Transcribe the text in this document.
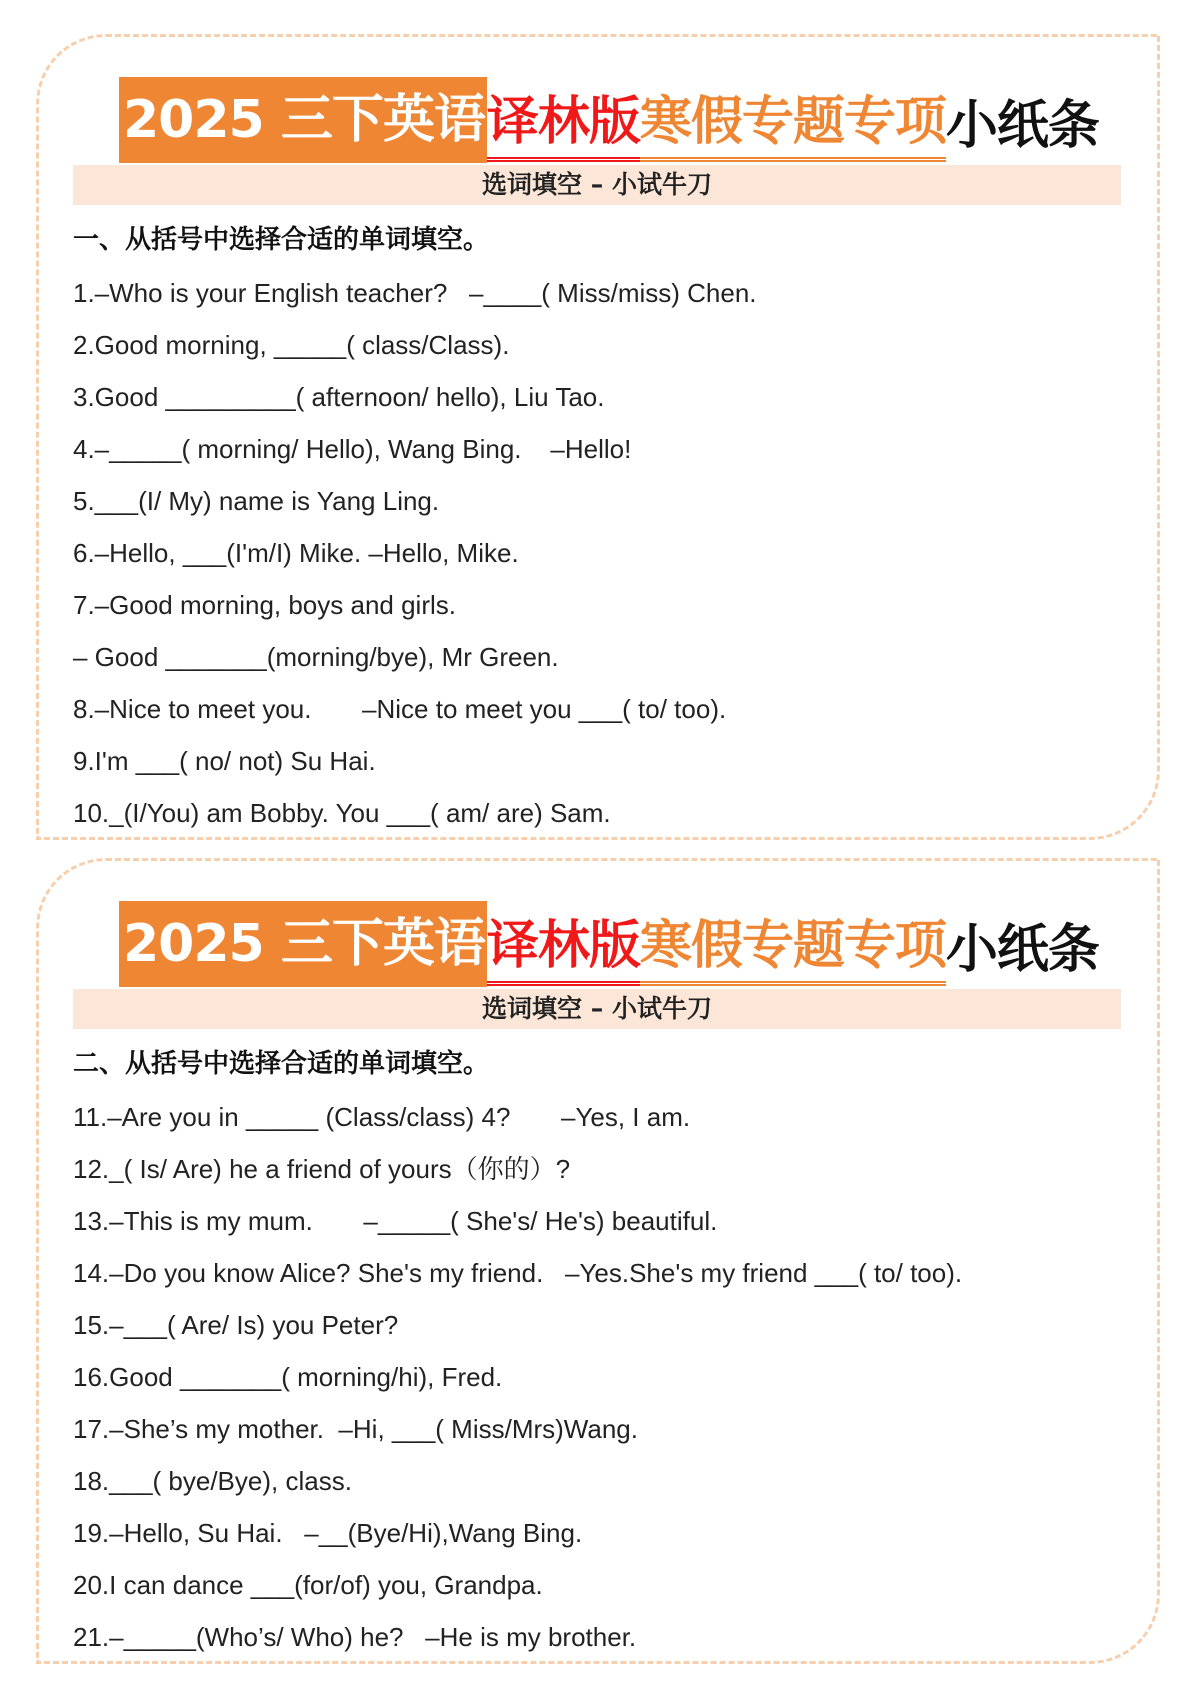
2025 三下英语 译林版 寒假专题专项 小纸条
选词填空 – 小试牛刀
一、从括号中选择合适的单词填空。
1.–Who is your English teacher?   –____( Miss/miss) Chen.
2.Good morning, _____( class/Class).
3.Good _________( afternoon/ hello), Liu Tao.
4.–_____( morning/ Hello), Wang Bing.    –Hello!
5.___(I/ My) name is Yang Ling.
6.–Hello, ___(I'm/I) Mike. –Hello, Mike.
7.–Good morning, boys and girls.
– Good _______(morning/bye), Mr Green.
8.–Nice to meet you.       –Nice to meet you ___( to/ too).
9.I'm ___( no/ not) Su Hai.
10._(I/You) am Bobby. You ___( am/ are) Sam.
2025 三下英语 译林版 寒假专题专项 小纸条
选词填空 – 小试牛刀
二、从括号中选择合适的单词填空。
11.–Are you in _____ (Class/class) 4?       –Yes, I am.
12._( Is/ Are) he a friend of yours（你的）?
13.–This is my mum.       –_____( She's/ He's) beautiful.
14.–Do you know Alice? She's my friend.   –Yes.She's my friend ___( to/ too).
15.–___( Are/ Is) you Peter?
16.Good _______( morning/hi), Fred.
17.–She’s my mother.  –Hi, ___( Miss/Mrs)Wang.
18.___( bye/Bye), class.
19.–Hello, Su Hai.   –__(Bye/Hi),Wang Bing.
20.I can dance ___(for/of) you, Grandpa.
21.–_____(Who’s/ Who) he?   –He is my brother.
